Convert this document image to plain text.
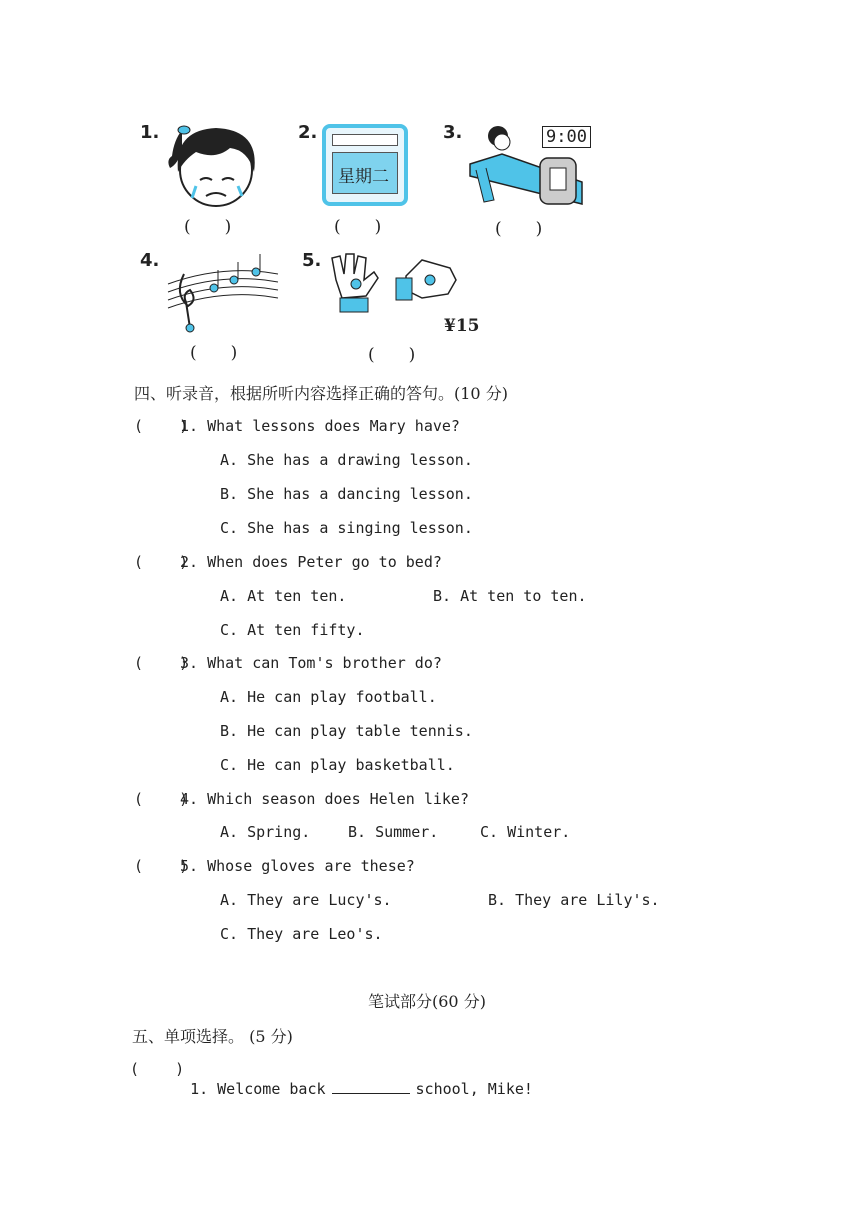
1.
(　　)
2.
星期二
(　　)
3.	9:00
(　　)
4.
(　　)
5.
¥15
(　　)
四、听录音，根据所听内容选择正确的答句。(10 分)
(    )
1. What lessons does Mary have?
A. She has a drawing lesson.
B. She has a dancing lesson.
C. She has a singing lesson.
(    )
2. When does Peter go to bed?
A. At ten ten.	B. At ten to ten.
C. At ten fifty.
(    )
3. What can Tom's brother do?
A. He can play football.
B. He can play table tennis.
C. He can play basketball.
(    )
4. Which season does Helen like?
A. Spring.	B. Summer.	C. Winter.
(    )
5. Whose gloves are these?
A. They are Lucy's.	B. They are Lily's.
C. They are Leo's.
笔试部分(60 分)
五、单项选择。 (5 分)
(    )

1. Welcome back	school, Mike!
